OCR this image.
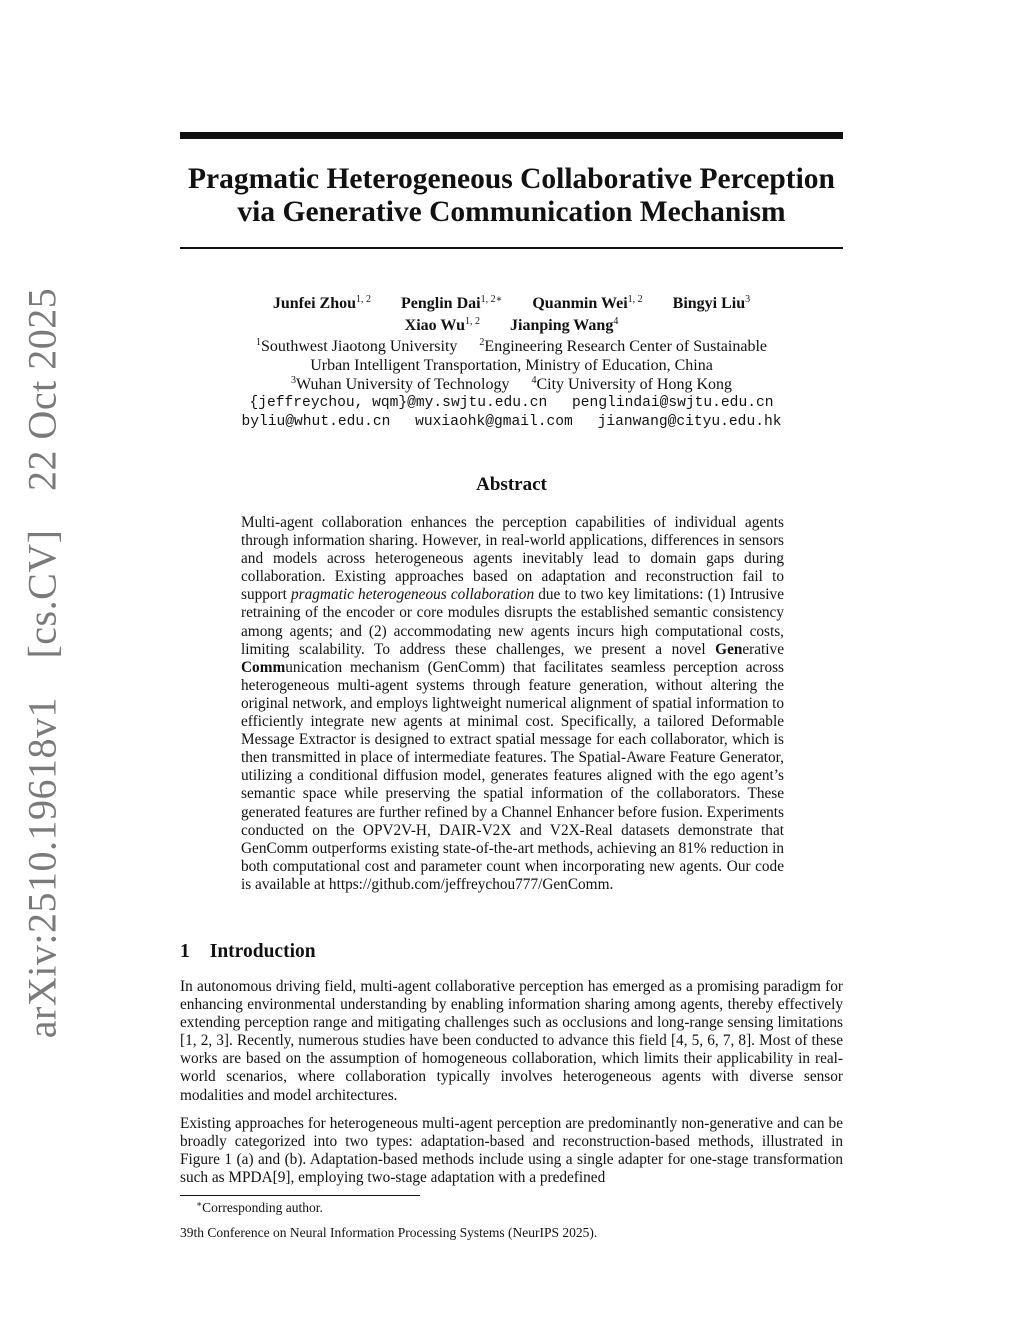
arXiv:2510.19618v1 [cs.CV] 22 Oct 2025
Pragmatic Heterogeneous Collaborative Perception
via Generative Communication Mechanism
Junfei Zhou$^{1, 2}$ Penglin Dai$^{1, 2∗}$ Quanmin Wei$^{1, 2}$ Bingyi Liu$^3$
Xiao Wu$^{1, 2}$ Jianping Wang$^4$
$^1$Southwest Jiaotong University $^2$Engineering Research Center of Sustainable
Urban Intelligent Transportation, Ministry of Education, China
$^3$Wuhan University of Technology $^4$City University of Hong Kong
{jeffreychou, wqm}@my.swjtu.edu.cn penglindai@swjtu.edu.cn
byliu@whut.edu.cn wuxiaohk@gmail.com jianwang@cityu.edu.hk
Abstract
Multi-agent collaboration enhances the perception capabilities of individual agents through information sharing. However, in real-world applications, differences in sensors and models across heterogeneous agents inevitably lead to domain gaps during collaboration. Existing approaches based on adaptation and reconstruction fail to support pragmatic heterogeneous collaboration due to two key limitations: (1) Intrusive retraining of the encoder or core modules disrupts the established semantic consistency among agents; and (2) accommodating new agents incurs high computational costs, limiting scalability. To address these challenges, we present a novel Generative Communication mechanism (GenComm) that facilitates seamless perception across heterogeneous multi-agent systems through feature generation, without altering the original network, and employs lightweight numerical alignment of spatial information to efficiently integrate new agents at minimal cost. Specifically, a tailored Deformable Message Extractor is designed to extract spatial message for each collaborator, which is then transmitted in place of intermediate features. The Spatial-Aware Feature Generator, utilizing a conditional diffusion model, generates features aligned with the ego agent’s semantic space while preserving the spatial information of the collaborators. These generated features are further refined by a Channel Enhancer before fusion. Experiments conducted on the OPV2V-H, DAIR-V2X and V2X-Real datasets demonstrate that GenComm outperforms existing state-of-the-art methods, achieving an 81% reduction in both computational cost and parameter count when incorporating new agents. Our code is available at https://github.com/jeffreychou777/GenComm.
1 Introduction
In autonomous driving field, multi-agent collaborative perception has emerged as a promising paradigm for enhancing environmental understanding by enabling information sharing among agents, thereby effectively extending perception range and mitigating challenges such as occlusions and long-range sensing limitations [1, 2, 3]. Recently, numerous studies have been conducted to advance this field [4, 5, 6, 7, 8]. Most of these works are based on the assumption of homogeneous collaboration, which limits their applicability in real-world scenarios, where collaboration typically involves heterogeneous agents with diverse sensor modalities and model architectures.
Existing approaches for heterogeneous multi-agent perception are predominantly non-generative and can be broadly categorized into two types: adaptation-based and reconstruction-based methods, illustrated in Figure 1 (a) and (b). Adaptation-based methods include using a single adapter for one-stage transformation such as MPDA[9], employing two-stage adaptation with a predefined
∗Corresponding author.
39th Conference on Neural Information Processing Systems (NeurIPS 2025).
